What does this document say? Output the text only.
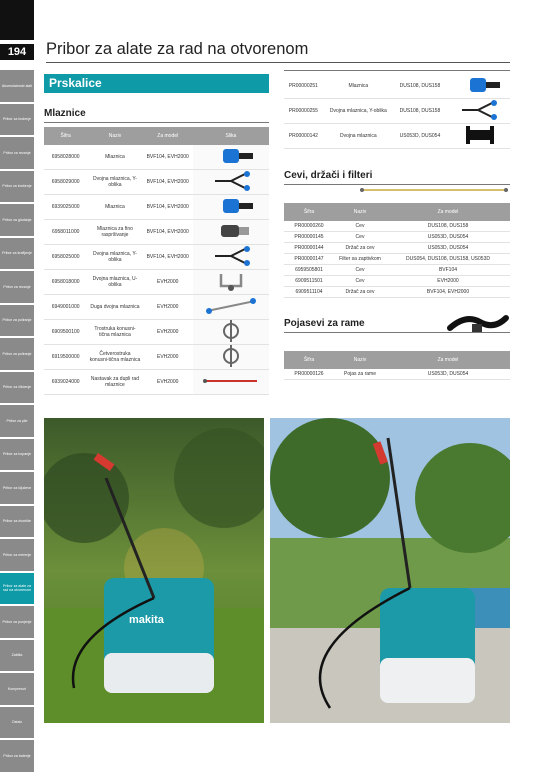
194	Pribor za alate za rad na otvorenom
Akumulatorski alati
Pribor za bušenje
Pribor za rezanje
Pribor za brušenje
Pribor za glodanje
Pribor za šrafljenje
Pribor za rezanje
Pribor za poliranje
Pribor za poliranje
Pribor za čišćenje
Pribor za pile
Pribor za kopanje
Pribor za ključeve
Pribor za dvorište
Pribor za merenje
Pribor za alate za rad na otvorenom
Pribor za punjenje
Zaštita
Kompresori
Ostalo
Pribor za baterije
Prskalice
Mlaznice
Šifra	Naziv	Za model	Slika
6958028000	Mlaznica	BVF104, EVH2000	
6958029000	Dvojna mlaznica, Y-oblika	BVF104, EVH2000	
6939025000	Mlaznica	BVF104, EVH2000	
6958011000	Mlaznica za fino raspršivanje	BVF104, EVH2000	
6958025000	Dvojna mlaznica, Y-oblika	BVF104, EVH2000	
6958018000	Dvojna mlaznica, U-oblika	EVH2000	
6949001000	Duga dvojna mlaznica	EVH2000	
6909500100	Trostruka konusni-tična mlaznica	EVH2000	
6919500000	Četverostruka konusni-tična mlaznica	EVH2000	
6939024000	Nastavak za dupli rad mlaznice	EVH2000	
PR00000251	Mlaznica	DUS108, DUS158	
PR00000255	Dvojna mlaznica, Y-oblika	DUS108, DUS158	
PR00000142	Dvojna mlaznica	US053D, DUS054	
Cevi, držači i filteri
Šifra	Naziv	Za model
PR00000260	Cev	DUS108, DUS158
PR00000145	Cev	US053D, DUS054
PR00000144	Držač za cev	US053D, DUS054
PR00000147	Filter sa zaptivkom	DUS054, DUS108, DUS158, US053D
6959505801	Cev	BVF104
6909511501	Cev	EVH2000
6909511104	Držač za cev	BVF104, EVH2000
Pojasevi za rame
Šifra	Naziv	Za model
PR00000126	Pojas za rame	US053D, DUS054
makita
